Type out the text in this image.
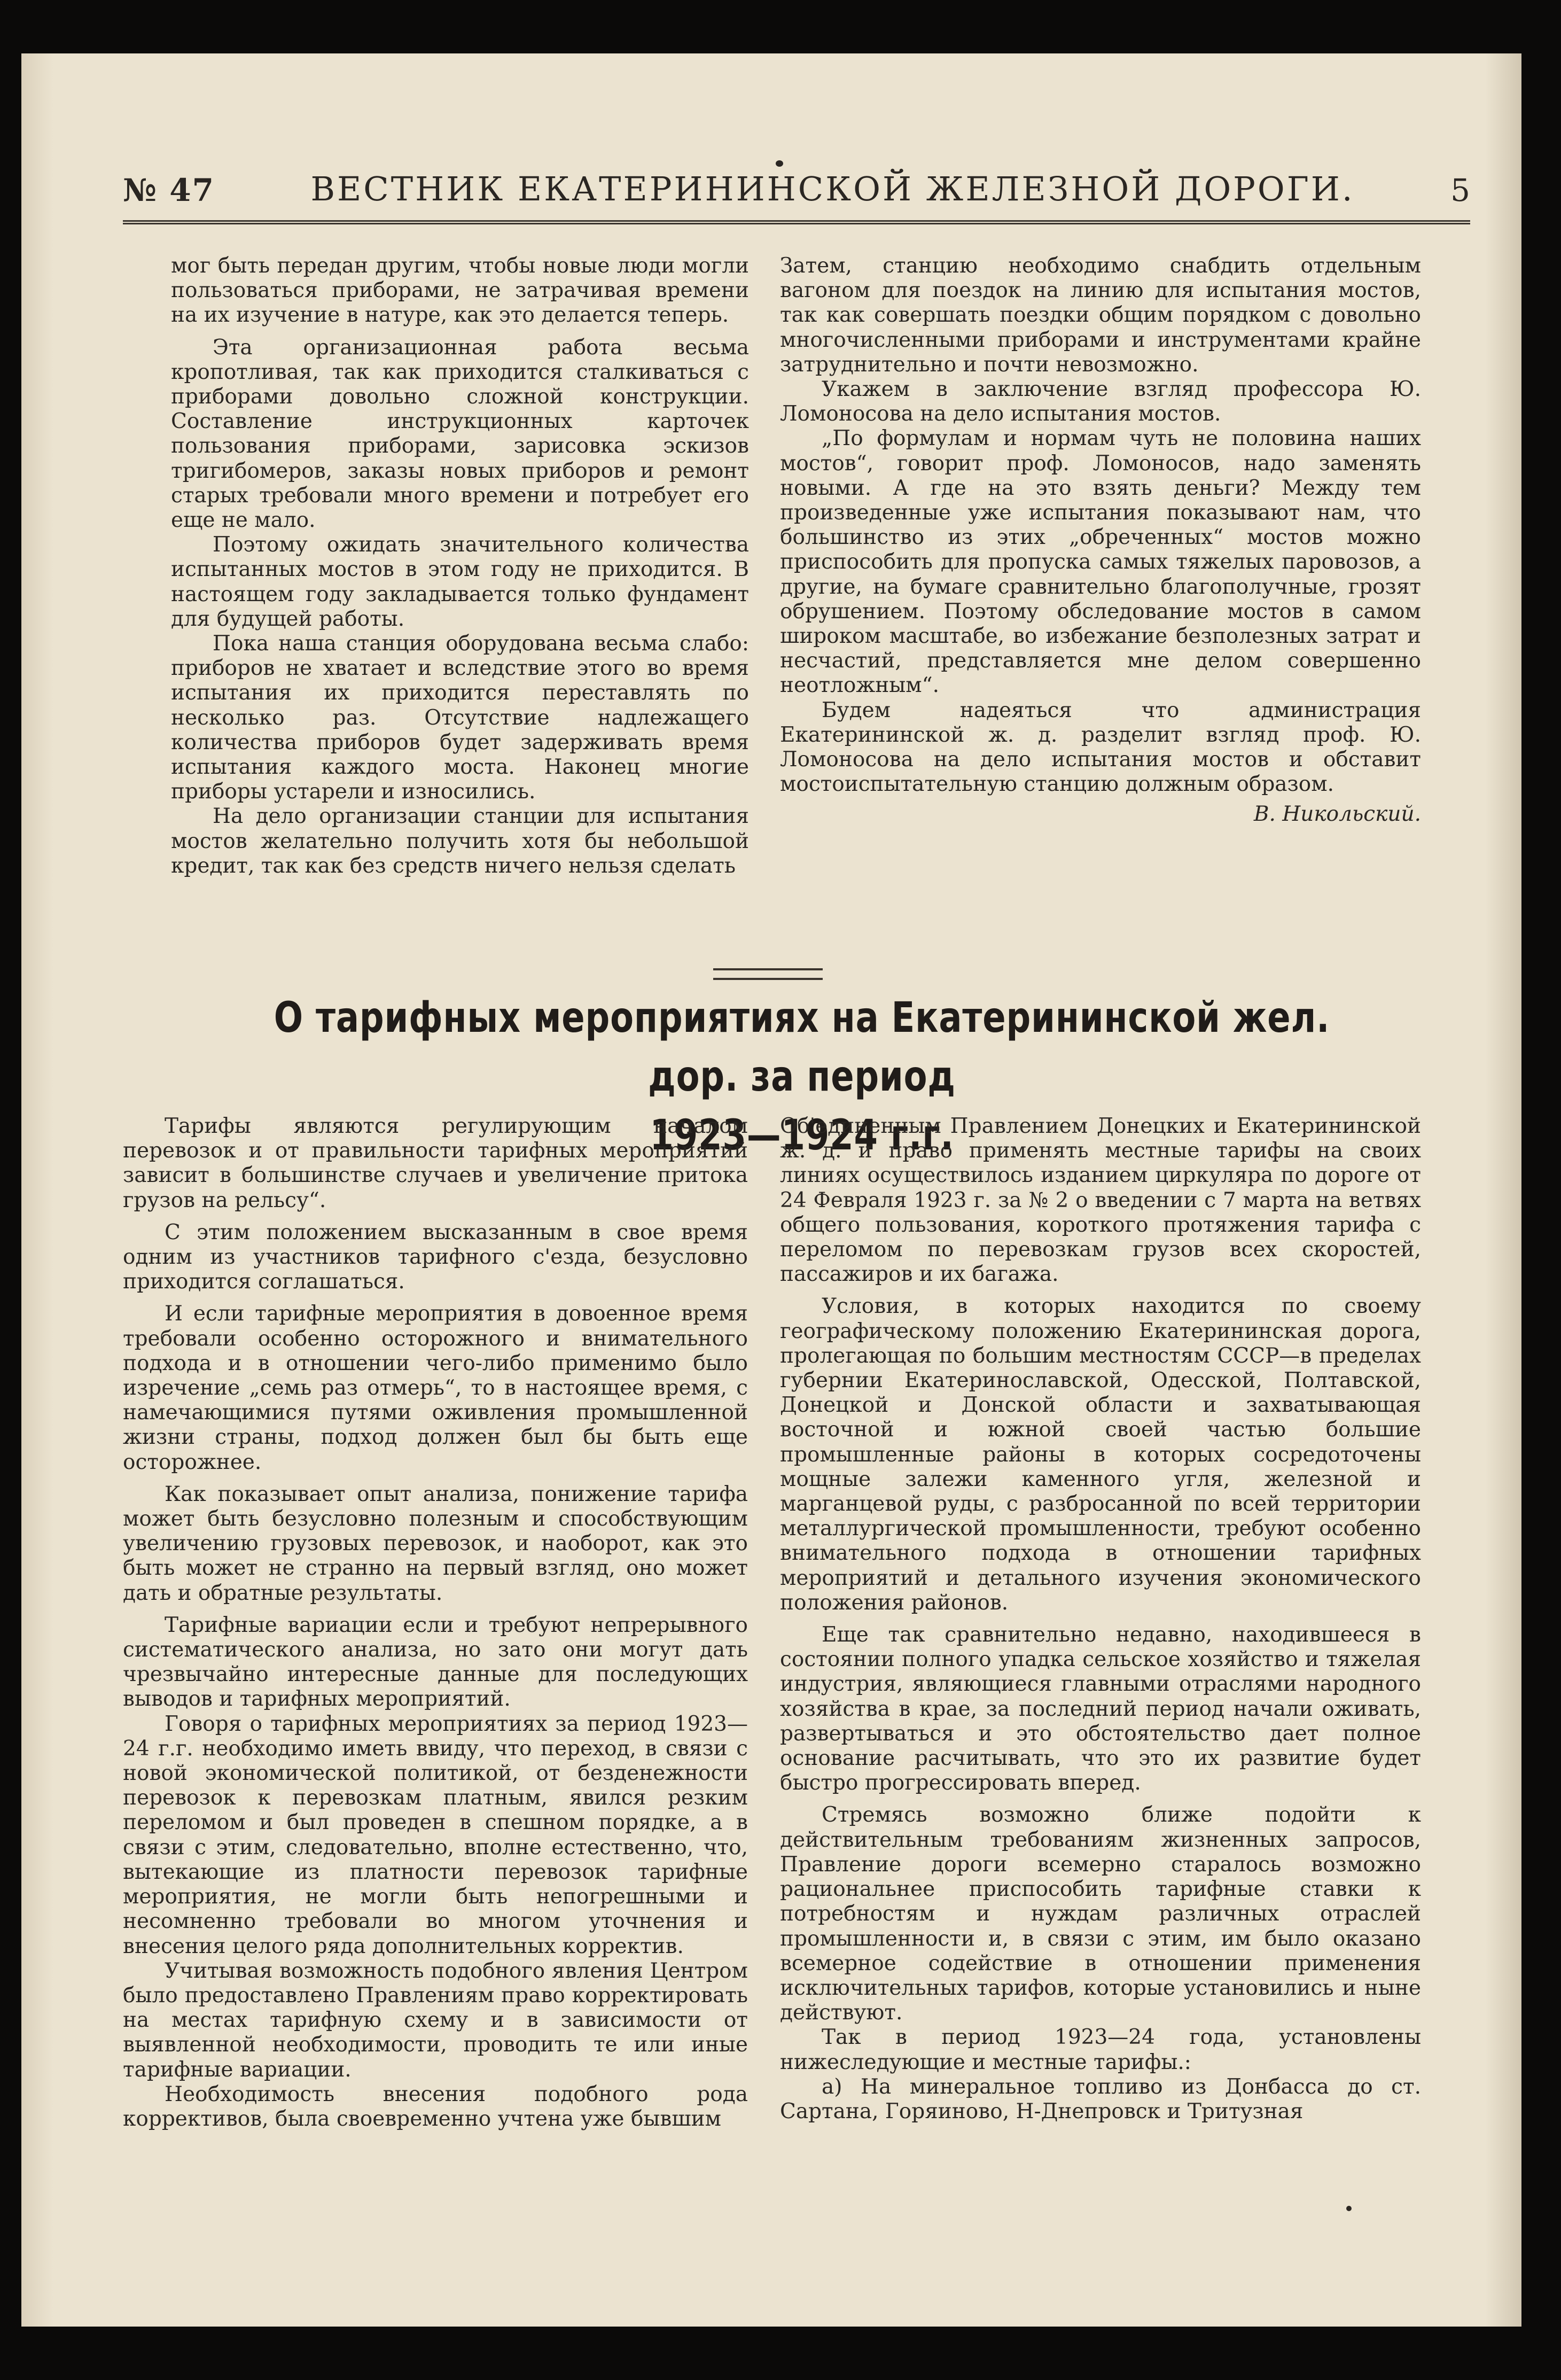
№ 47	ВЕСТНИК ЕКАТЕРИНИНСКОЙ ЖЕЛЕЗНОЙ ДОРОГИ.	5

мог быть передан другим, чтобы новые люди могли пользоваться приборами, не затрачивая времени на их изучение в натуре, как это делается теперь.

Эта организационная работа весьма кропотливая, так как приходится сталкиваться с приборами довольно сложной конструкции. Составление инструкционных карточек пользования приборами, зарисовка эскизов тригибомеров, заказы новых приборов и ремонт старых требовали много времени и потребует его еще не мало.

Поэтому ожидать значительного количества испытанных мостов в этом году не приходится. В настоящем году закладывается только фундамент для будущей работы.

Пока наша станция оборудована весьма слабо: приборов не хватает и вследствие этого во время испытания их приходится переставлять по несколько раз. Отсутствие надлежащего количества приборов будет задерживать время испытания каждого моста. Наконец многие приборы устарели и износились.

На дело организации станции для испытания мостов желательно получить хотя бы небольшой кредит, так как без средств ничего нельзя сделать

Затем, станцию необходимо снабдить отдельным вагоном для поездок на линию для испытания мостов, так как совершать поездки общим порядком с довольно многочисленными приборами и инструментами крайне затруднительно и почти невозможно.

Укажем в заключение взгляд профессора Ю. Ломоносова на дело испытания мостов.

„По формулам и нормам чуть не половина наших мостов“, говорит проф. Ломоносов, надо заменять новыми. А где на это взять деньги? Между тем произведенные уже испытания показывают нам, что большинство из этих „обреченных“ мостов можно приспособить для пропуска самых тяжелых паровозов, а другие, на бумаге сравнительно благополучные, грозят обрушением. Поэтому обследование мостов в самом широком масштабе, во избежание безполезных затрат и несчастий, представляется мне делом совершенно неотложным“.

Будем надеяться что администрация Екатерининской ж. д. разделит взгляд проф. Ю. Ломоносова на дело испытания мостов и обставит мостоиспытательную станцию должным образом.

В. Никольский.

О тарифных мероприятиях на Екатерининской жел. дор. за период
1923—1924 г.г.

Тарифы являются регулирующим началом перевозок и от правильности тарифных мероприятий зависит в большинстве случаев и увеличение притока грузов на рельсу“.

С этим положением высказанным в свое время одним из участников тарифного с'езда, безусловно приходится соглашаться.

И если тарифные мероприятия в довоенное время требовали особенно осторожного и внимательного подхода и в отношении чего-либо применимо было изречение „семь раз отмерь“, то в настоящее время, с намечающимися путями оживления промышленной жизни страны, подход должен был бы быть еще осторожнее.

Как показывает опыт анализа, понижение тарифа может быть безусловно полезным и способствующим увеличению грузовых перевозок, и наоборот, как это быть может не странно на первый взгляд, оно может дать и обратные результаты.

Тарифные вариации если и требуют непрерывного систематического анализа, но зато они могут дать чрезвычайно интересные данные для последующих выводов и тарифных мероприятий.

Говоря о тарифных мероприятиях за период 1923—24 г.г. необходимо иметь ввиду, что переход, в связи с новой экономической политикой, от безденежности перевозок к перевозкам платным, явился резким переломом и был проведен в спешном порядке, а в связи с этим, следовательно, вполне естественно, что, вытекающие из платности перевозок тарифные мероприятия, не могли быть непогрешными и несомненно требовали во многом уточнения и внесения целого ряда дополнительных корректив.

Учитывая возможность подобного явления Центром было предоставлено Правлениям право корректировать на местах тарифную схему и в зависимости от выявленной необходимости, проводить те или иные тарифные вариации.

Необходимость внесения подобного рода коррективов, была своевременно учтена уже бывшим

Об'единенным Правлением Донецких и Екатерининской ж. д. и право применять местные тарифы на своих линиях осуществилось изданием циркуляра по дороге от 24 Февраля 1923 г. за № 2 о введении с 7 марта на ветвях общего пользования, короткого протяжения тарифа с переломом по перевозкам грузов всех скоростей, пассажиров и их багажа.

Условия, в которых находится по своему географическому положению Екатерининская дорога, пролегающая по большим местностям СССР—в пределах губернии Екатеринославской, Одесской, Полтавской, Донецкой и Донской области и захватывающая восточной и южной своей частью большие промышленные районы в которых сосредоточены мощные залежи каменного угля, железной и марганцевой руды, с разбросанной по всей территории металлургической промышленности, требуют особенно внимательного подхода в отношении тарифных мероприятий и детального изучения экономического положения районов.

Еще так сравнительно недавно, находившееся в состоянии полного упадка сельское хозяйство и тяжелая индустрия, являющиеся главными отраслями народного хозяйства в крае, за последний период начали оживать, развертываться и это обстоятельство дает полное основание расчитывать, что это их развитие будет быстро прогрессировать вперед.

Стремясь возможно ближе подойти к действительным требованиям жизненных запросов, Правление дороги всемерно старалось возможно рациональнее приспособить тарифные ставки к потребностям и нуждам различных отраслей промышленности и, в связи с этим, им было оказано всемерное содействие в отношении применения исключительных тарифов, которые установились и ныне действуют.

Так в период 1923—24 года, установлены нижеследующие и местные тарифы.:

а) На минеральное топливо из Донбасса до ст. Сартана, Горяиново, Н-Днепровск и Тритузная
